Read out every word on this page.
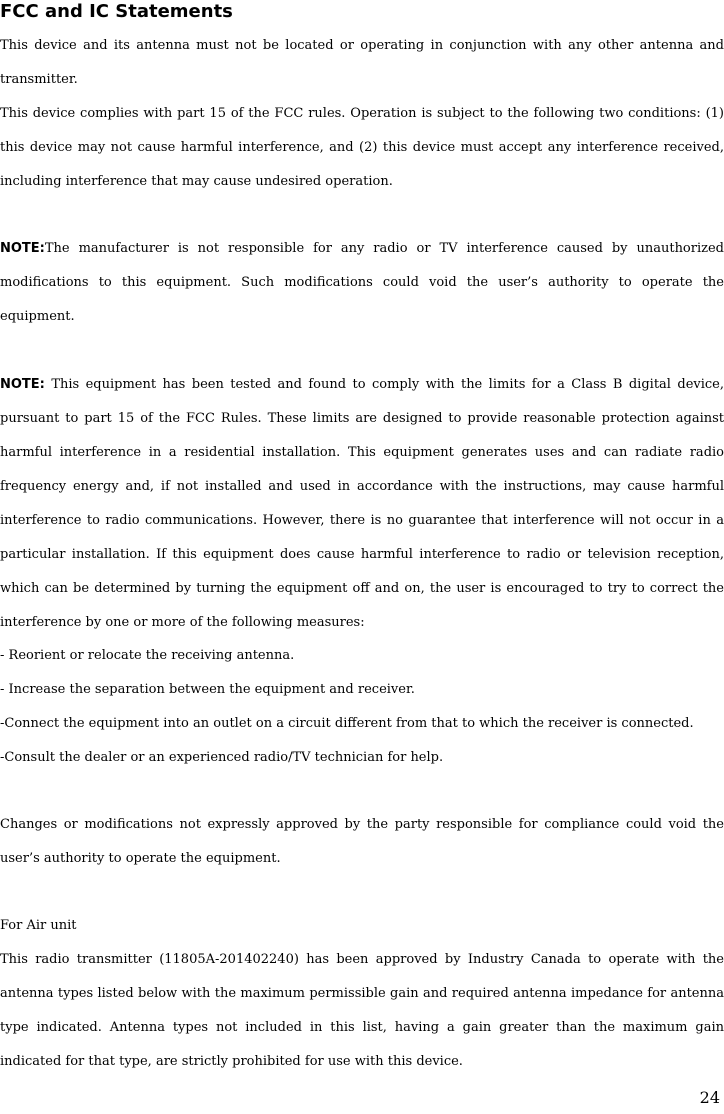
FCC and IC Statements

This device and its antenna must not be located or operating in conjunction with any other antenna and transmitter.

This device complies with part 15 of the FCC rules. Operation is subject to the following two conditions: (1) this device may not cause harmful interference, and (2) this device must accept any interference received, including interference that may cause undesired operation.

NOTE:The manufacturer is not responsible for any radio or TV interference caused by unauthorized modifications to this equipment. Such modifications could void the user’s authority to operate the equipment.

NOTE: This equipment has been tested and found to comply with the limits for a Class B digital device, pursuant to part 15 of the FCC Rules. These limits are designed to provide reasonable protection against harmful interference in a residential installation. This equipment generates uses and can radiate radio frequency energy and, if not installed and used in accordance with the instructions, may cause harmful interference to radio communications. However, there is no guarantee that interference will not occur in a particular installation. If this equipment does cause harmful interference to radio or television reception, which can be determined by turning the equipment off and on, the user is encouraged to try to correct the interference by one or more of the following measures:

- Reorient or relocate the receiving antenna.

- Increase the separation between the equipment and receiver.

-Connect the equipment into an outlet on a circuit different from that to which the receiver is connected.

-Consult the dealer or an experienced radio/TV technician for help.

Changes or modifications not expressly approved by the party responsible for compliance could void the user’s authority to operate the equipment.

For Air unit

This radio transmitter (11805A-201402240) has been approved by Industry Canada to operate with the antenna types listed below with the maximum permissible gain and required antenna impedance for antenna type indicated. Antenna types not included in this list, having a gain greater than the maximum gain indicated for that type, are strictly prohibited for use with this device.

24
